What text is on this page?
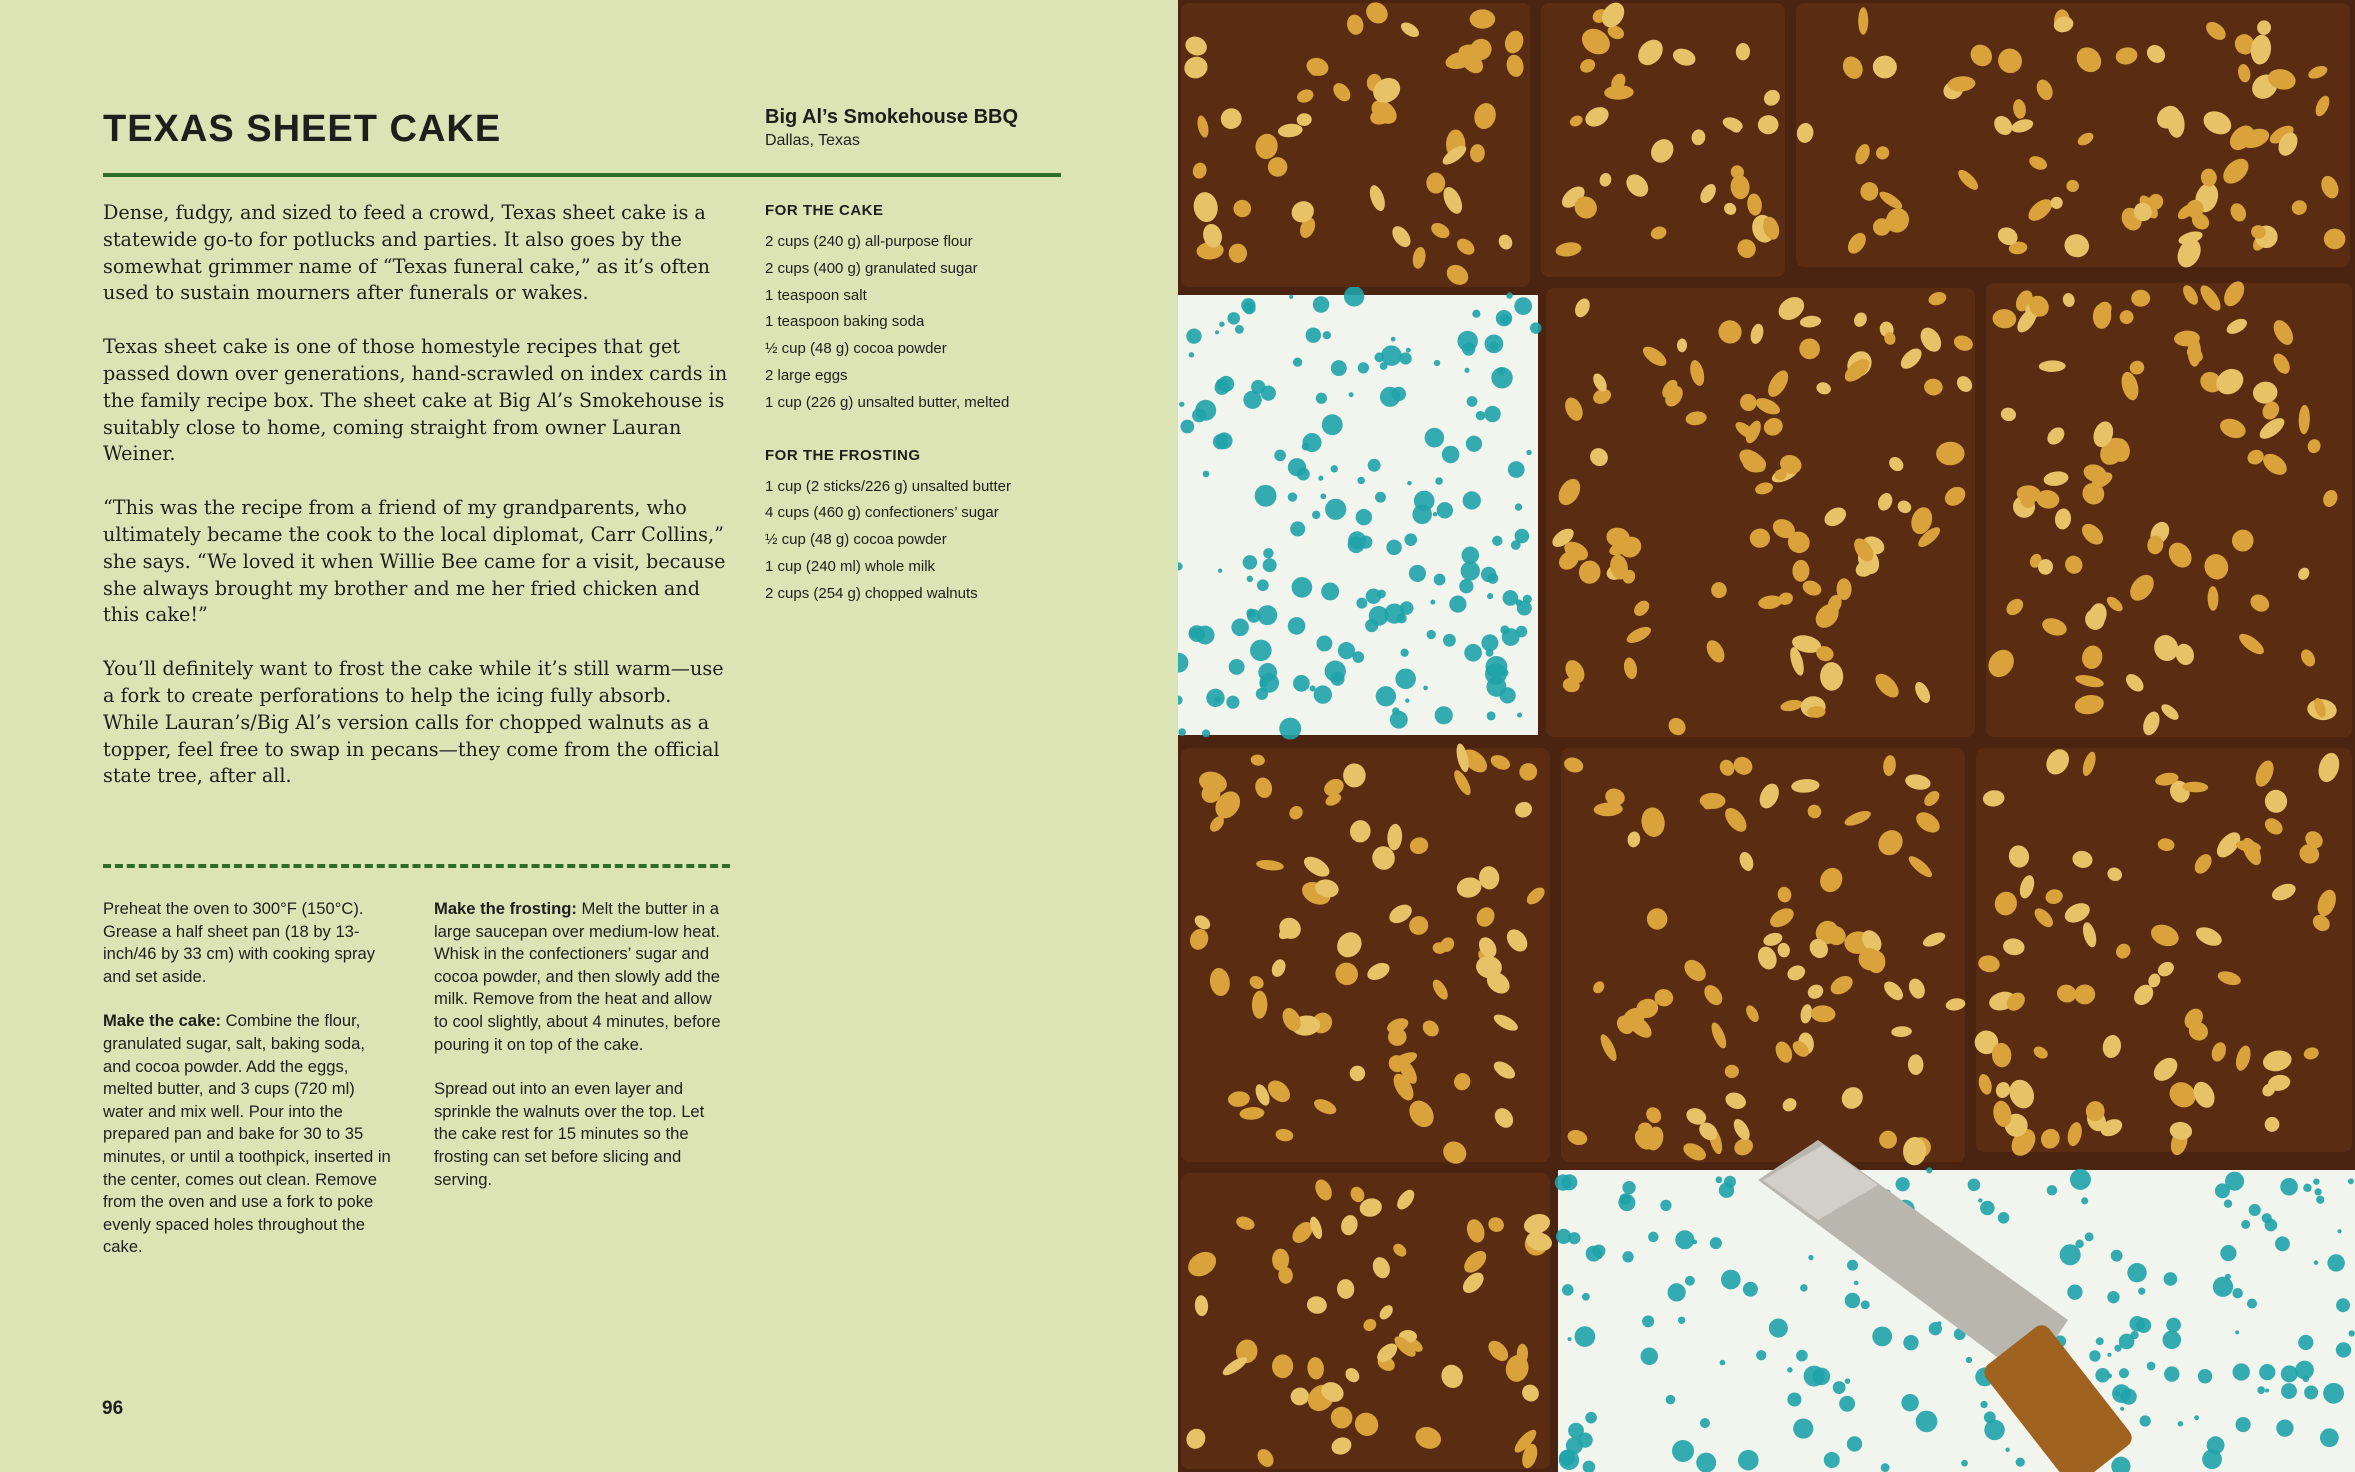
TEXAS SHEET CAKE	Big Al’s Smokehouse BBQ
Dallas, Texas

Dense, fudgy, and sized to feed a crowd, Texas sheet cake is a statewide go-to for potlucks and parties. It also goes by the somewhat grimmer name of “Texas funeral cake,” as it’s often used to sustain mourners after funerals or wakes.

Texas sheet cake is one of those homestyle recipes that get passed down over generations, hand-scrawled on index cards in the family recipe box. The sheet cake at Big Al’s Smokehouse is suitably close to home, coming straight from owner Lauran Weiner.

“This was the recipe from a friend of my grandparents, who ultimately became the cook to the local diplomat, Carr Collins,” she says. “We loved it when Willie Bee came for a visit, because she always brought my brother and me her fried chicken and this cake!”

You’ll definitely want to frost the cake while it’s still warm—use a fork to create perforations to help the icing fully absorb. While Lauran’s/Big Al’s version calls for chopped walnuts as a topper, feel free to swap in pecans—they come from the official state tree, after all.

FOR THE CAKE
2 cups (240 g) all-purpose flour
2 cups (400 g) granulated sugar
1 teaspoon salt
1 teaspoon baking soda
½ cup (48 g) cocoa powder
2 large eggs
1 cup (226 g) unsalted butter, melted
FOR THE FROSTING
1 cup (2 sticks/226 g) unsalted butter
4 cups (460 g) confectioners’ sugar
½ cup (48 g) cocoa powder
1 cup (240 ml) whole milk
2 cups (254 g) chopped walnuts

Preheat the oven to 300°F (150°C). Grease a half sheet pan (18 by 13-inch/46 by 33 cm) with cooking spray and set aside.

Make the cake: Combine the flour, granulated sugar, salt, baking soda, and cocoa powder. Add the eggs, melted butter, and 3 cups (720 ml) water and mix well. Pour into the prepared pan and bake for 30 to 35 minutes, or until a toothpick, inserted in the center, comes out clean. Remove from the oven and use a fork to poke evenly spaced holes throughout the cake.

Make the frosting: Melt the butter in a large saucepan over medium-low heat. Whisk in the confectioners’ sugar and cocoa powder, and then slowly add the milk. Remove from the heat and allow to cool slightly, about 4 minutes, before pouring it on top of the cake.

Spread out into an even layer and sprinkle the walnuts over the top. Let the cake rest for 15 minutes so the frosting can set before slicing and serving.

96
